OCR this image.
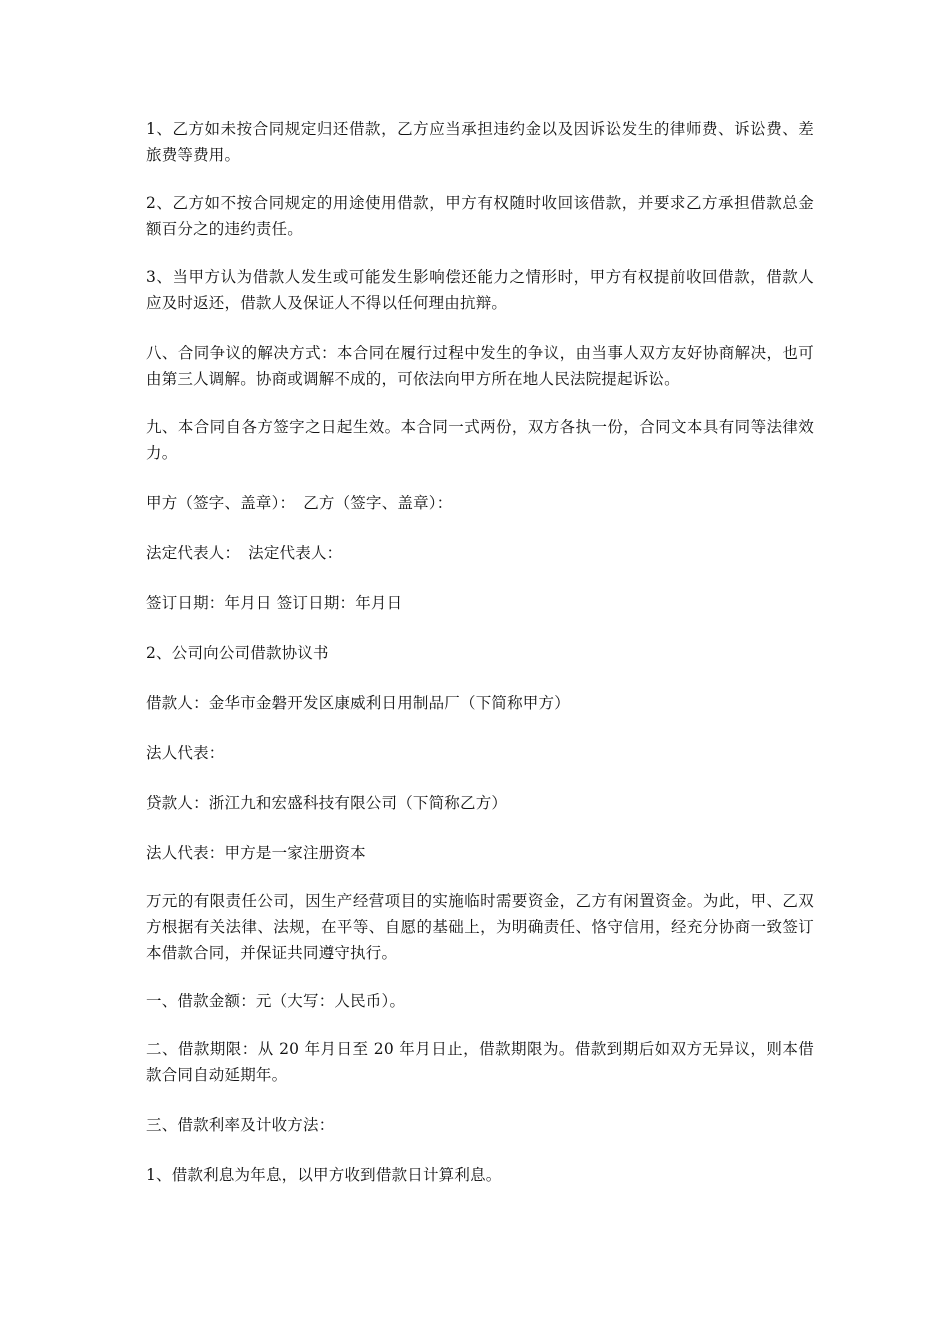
1、乙方如未按合同规定归还借款，乙方应当承担违约金以及因诉讼发生的律师费、诉讼费、差旅费等费用。

2、乙方如不按合同规定的用途使用借款，甲方有权随时收回该借款，并要求乙方承担借款总金额百分之的违约责任。

3、当甲方认为借款人发生或可能发生影响偿还能力之情形时，甲方有权提前收回借款，借款人应及时返还，借款人及保证人不得以任何理由抗辩。

八、合同争议的解决方式：本合同在履行过程中发生的争议，由当事人双方友好协商解决，也可由第三人调解。协商或调解不成的，可依法向甲方所在地人民法院提起诉讼。

九、本合同自各方签字之日起生效。本合同一式两份，双方各执一份，合同文本具有同等法律效力。

甲方（签字、盖章）：　乙方（签字、盖章）：

法定代表人：　法定代表人：

签订日期：年月日 签订日期：年月日

2、公司向公司借款协议书

借款人：金华市金磐开发区康威利日用制品厂（下简称甲方）

法人代表：

贷款人：浙江九和宏盛科技有限公司（下简称乙方）

法人代表：甲方是一家注册资本

万元的有限责任公司，因生产经营项目的实施临时需要资金，乙方有闲置资金。为此，甲、乙双方根据有关法律、法规，在平等、自愿的基础上，为明确责任、恪守信用，经充分协商一致签订本借款合同，并保证共同遵守执行。

一、借款金额：元（大写：人民币）。

二、借款期限：从 20 年月日至 20 年月日止，借款期限为。借款到期后如双方无异议，则本借款合同自动延期年。

三、借款利率及计收方法：

1、借款利息为年息，以甲方收到借款日计算利息。
